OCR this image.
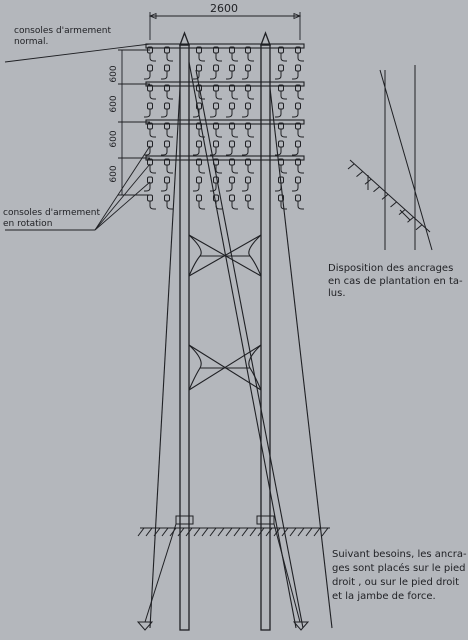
2600
600
600
600
600

consoles d'armement
normal.

consoles d'armement
en rotation

Disposition des ancrages
en cas de plantation en ta-
lus.

Suivant besoins, les ancra-
ges sont placés sur le pied
droit , ou sur le pied droit
et la jambe de force.
